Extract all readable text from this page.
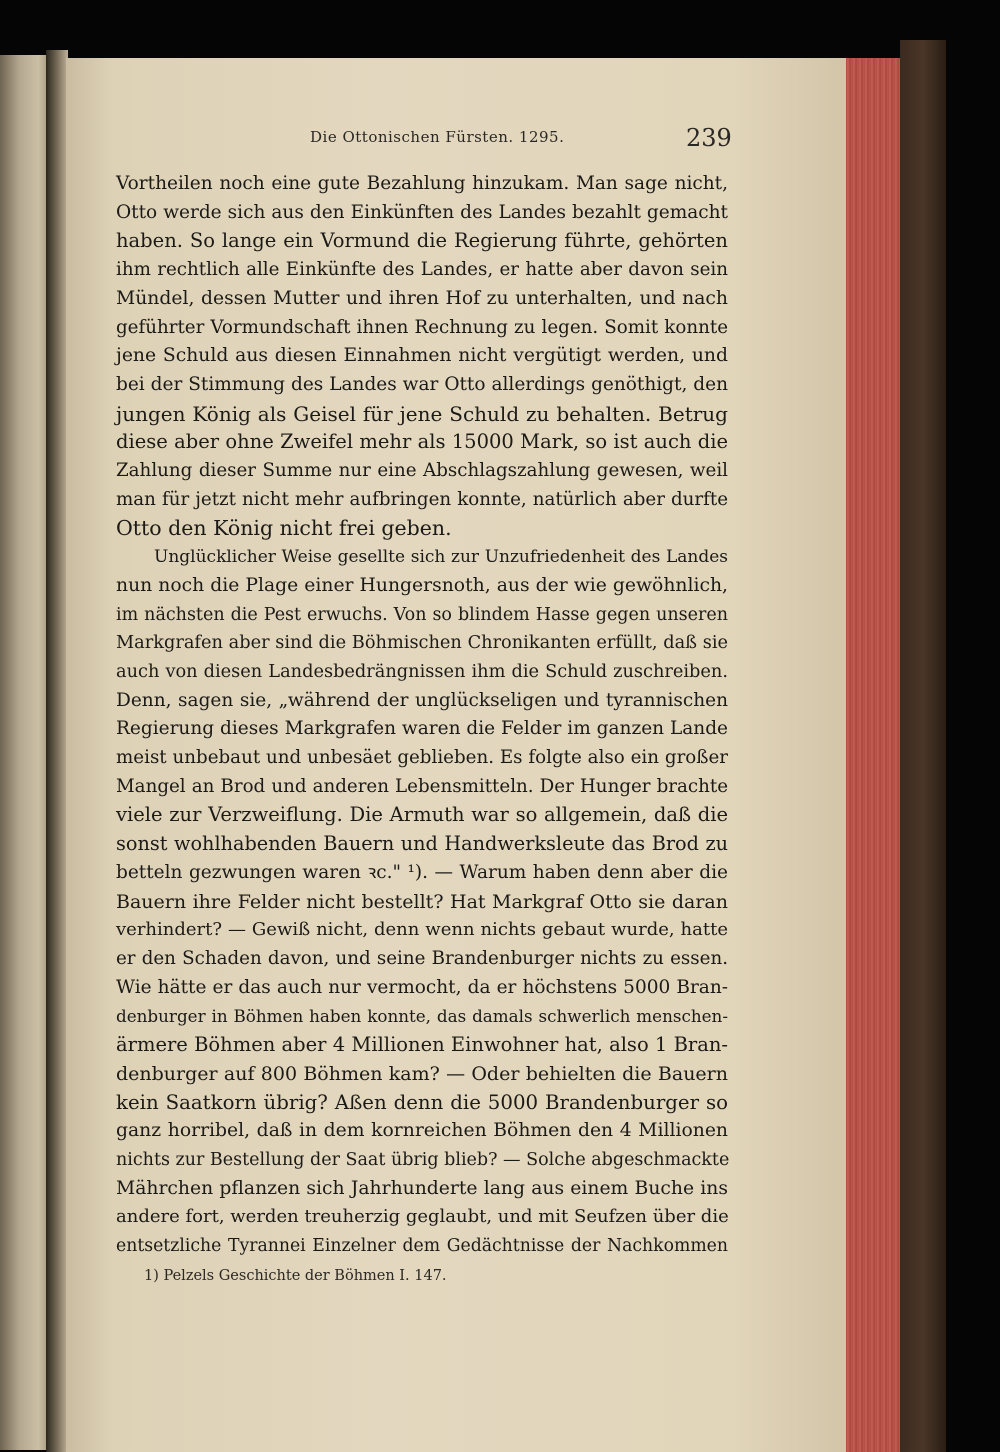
Die Ottonischen Fürsten. 1295.	239
Vortheilen noch eine gute Bezahlung hinzukam. Man sage nicht,
Otto werde sich aus den Einkünften des Landes bezahlt gemacht
haben. So lange ein Vormund die Regierung führte, gehörten
ihm rechtlich alle Einkünfte des Landes, er hatte aber davon sein
Mündel, dessen Mutter und ihren Hof zu unterhalten, und nach
geführter Vormundschaft ihnen Rechnung zu legen. Somit konnte
jene Schuld aus diesen Einnahmen nicht vergütigt werden, und
bei der Stimmung des Landes war Otto allerdings genöthigt, den
jungen König als Geisel für jene Schuld zu behalten. Betrug
diese aber ohne Zweifel mehr als 15000 Mark, so ist auch die
Zahlung dieser Summe nur eine Abschlagszahlung gewesen, weil
man für jetzt nicht mehr aufbringen konnte, natürlich aber durfte
Otto den König nicht frei geben.
Unglücklicher Weise gesellte sich zur Unzufriedenheit des Landes
nun noch die Plage einer Hungersnoth, aus der wie gewöhnlich,
im nächsten die Pest erwuchs. Von so blindem Hasse gegen unseren
Markgrafen aber sind die Böhmischen Chronikanten erfüllt, daß sie
auch von diesen Landesbedrängnissen ihm die Schuld zuschreiben.
Denn, sagen sie, „während der unglückseligen und tyrannischen
Regierung dieses Markgrafen waren die Felder im ganzen Lande
meist unbebaut und unbesäet geblieben. Es folgte also ein großer
Mangel an Brod und anderen Lebensmitteln. Der Hunger brachte
viele zur Verzweiflung. Die Armuth war so allgemein, daß die
sonst wohlhabenden Bauern und Handwerksleute das Brod zu
betteln gezwungen waren ꝛc." ¹). — Warum haben denn aber die
Bauern ihre Felder nicht bestellt? Hat Markgraf Otto sie daran
verhindert? — Gewiß nicht, denn wenn nichts gebaut wurde, hatte
er den Schaden davon, und seine Brandenburger nichts zu essen.
Wie hätte er das auch nur vermocht, da er höchstens 5000 Bran-
denburger in Böhmen haben konnte, das damals schwerlich menschen-
ärmere Böhmen aber 4 Millionen Einwohner hat, also 1 Bran-
denburger auf 800 Böhmen kam? — Oder behielten die Bauern
kein Saatkorn übrig? Aßen denn die 5000 Brandenburger so
ganz horribel, daß in dem kornreichen Böhmen den 4 Millionen
nichts zur Bestellung der Saat übrig blieb? — Solche abgeschmackte
Mährchen pflanzen sich Jahrhunderte lang aus einem Buche ins
andere fort, werden treuherzig geglaubt, und mit Seufzen über die
entsetzliche Tyrannei Einzelner dem Gedächtnisse der Nachkommen
1) Pelzels Geschichte der Böhmen I. 147.
